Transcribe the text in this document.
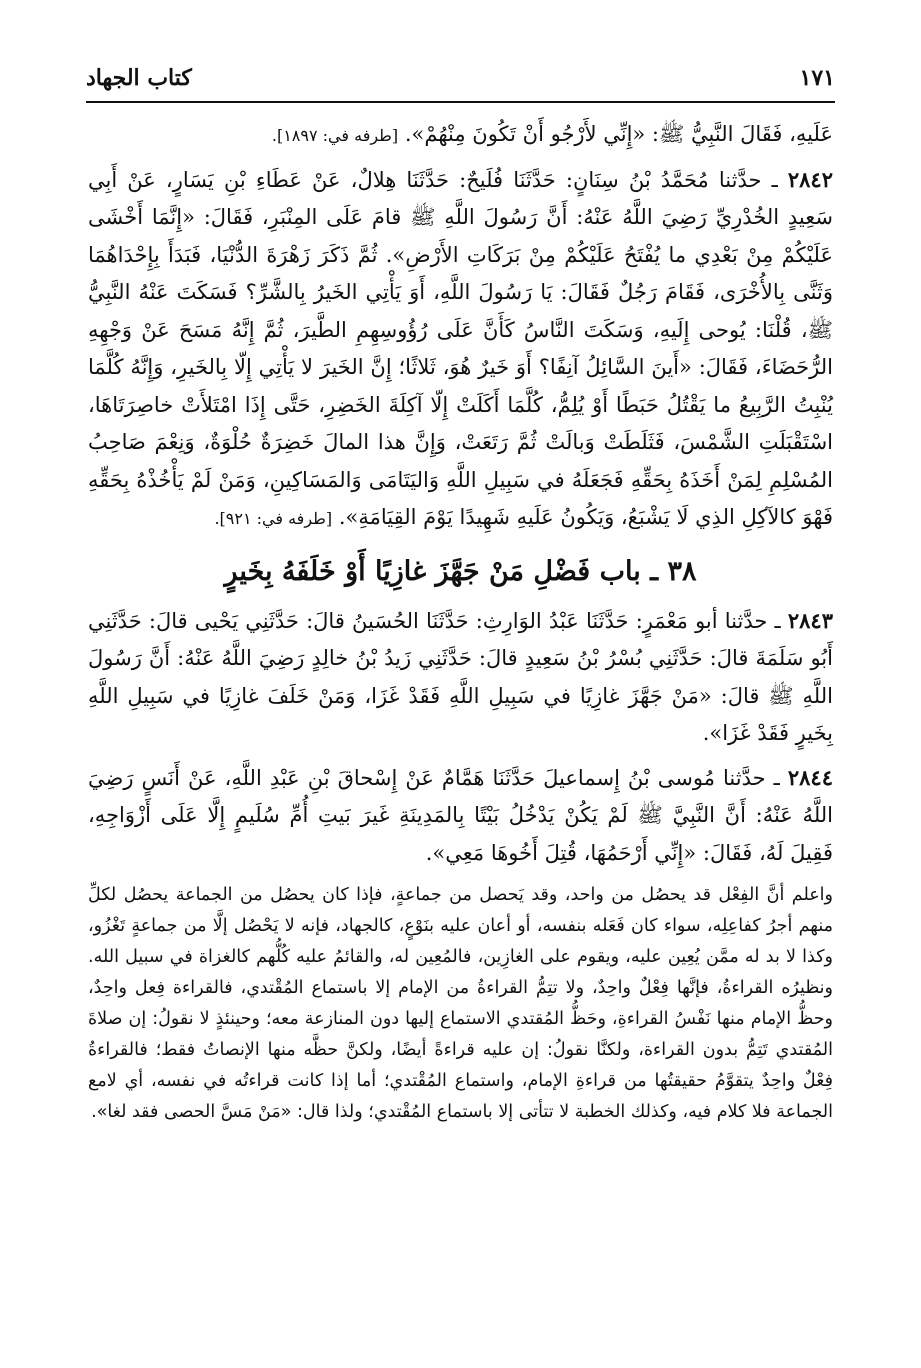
كتاب الجهاد	١٧١

عَلَيهِ، فَقَالَ النَّبِيُّ ﷺ: «إِنِّي لأَرْجُو أَنْ تَكُونَ مِنْهُمْ». [طرفه في: ١٨٩٧].

٢٨٤٢ ـ حدَّثنا مُحَمَّدُ بْنُ سِنَانٍ: حَدَّثَنَا فُلَيحٌ: حَدَّثَنَا هِلالٌ، عَنْ عَطَاءِ بْنِ يَسَارٍ، عَنْ أَبِي سَعِيدٍ الخُدْرِيِّ رَضِيَ اللَّهُ عَنْهُ: أَنَّ رَسُولَ اللَّهِ ﷺ قامَ عَلَى المِنْبَرِ، فَقَالَ: «إِنَّمَا أَخْشَى عَلَيْكُمْ مِنْ بَعْدِي ما يُفْتَحُ عَلَيْكُمْ مِنْ بَرَكَاتِ الأَرْضِ». ثُمَّ ذَكَرَ زَهْرَةَ الدُّنْيَا، فَبَدَأَ بِإِحْدَاهُمَا وَثَنَّى بِالأُخْرَى، فَقَامَ رَجُلٌ فَقَالَ: يَا رَسُولَ اللَّهِ، أَوَ يَأْتِي الخَيرُ بِالشَّرِّ؟ فَسَكَتَ عَنْهُ النَّبِيُّ ﷺ، قُلْنَا: يُوحى إِلَيهِ، وَسَكَتَ النَّاسُ كَأَنَّ عَلَى رُؤُوسِهِمِ الطَّيرَ، ثُمَّ إِنَّهُ مَسَحَ عَنْ وَجْهِهِ الرُّحَضَاءَ، فَقَالَ: «أَينَ السَّائِلُ آنِفًا؟ أَوَ خَيرٌ هُوَ، ثَلاثًا؛ إِنَّ الخَيرَ لا يَأْتِي إِلّا بِالخَيرِ، وَإِنَّهُ كُلَّمَا يُنْبِتُ الرَّبِيعُ ما يَقْتُلُ حَبَطًا أَوْ يُلِمُّ، كُلَّمَا أَكَلَتْ إِلّا آكِلَةَ الخَضِرِ، حَتَّى إِذَا امْتَلأَتْ خاصِرَتَاهَا، اسْتَقْبَلَتِ الشَّمْسَ، فَثَلَطَتْ وَبالَتْ ثُمَّ رَتَعَتْ، وَإِنَّ هذا المالَ خَضِرَةٌ حُلْوَةٌ، وَنِعْمَ صَاحِبُ المُسْلِمِ لِمَنْ أَخَذَهُ بِحَقِّهِ فَجَعَلَهُ في سَبِيلِ اللَّهِ وَاليَتَامَى وَالمَسَاكِينِ، وَمَنْ لَمْ يَأْخُذْهُ بِحَقِّهِ فَهْوَ كالآكِلِ الذِي لَا يَشْبَعُ، وَيَكُونُ عَلَيهِ شَهِيدًا يَوْمَ القِيَامَةِ». [طرفه في: ٩٢١].

٣٨ ـ باب فَضْلِ مَنْ جَهَّزَ غازِيًا أَوْ خَلَفَهُ بِخَيرٍ

٢٨٤٣ ـ حدَّثنا أبو مَعْمَرٍ: حَدَّثَنَا عَبْدُ الوَارِثِ: حَدَّثَنَا الحُسَينُ قالَ: حَدَّثَنِي يَحْيى قالَ: حَدَّثَنِي أَبُو سَلَمَةَ قالَ: حَدَّثَنِي بُسْرُ بْنُ سَعِيدٍ قالَ: حَدَّثَنِي زَيدُ بْنُ خالِدٍ رَضِيَ اللَّهُ عَنْهُ: أَنَّ رَسُولَ اللَّهِ ﷺ قالَ: «مَنْ جَهَّزَ غازِيًا في سَبِيلِ اللَّهِ فَقَدْ غَزَا، وَمَنْ خَلَفَ غازِيًا في سَبِيلِ اللَّهِ بِخَيرٍ فَقَدْ غَزَا».

٢٨٤٤ ـ حدَّثنا مُوسى بْنُ إِسماعيلَ حَدَّثَنَا هَمَّامٌ عَنْ إِسْحاقَ بْنِ عَبْدِ اللَّهِ، عَنْ أَنَسٍ رَضِيَ اللَّهُ عَنْهُ: أَنَّ النَّبِيَّ ﷺ لَمْ يَكُنْ يَدْخُلُ بَيْتًا بِالمَدِينَةِ غَيرَ بَيتِ أُمِّ سُلَيمٍ إِلَّا عَلَى أَزْوَاجِهِ، فَقِيلَ لَهُ، فَقَالَ: «إِنِّي أَرْحَمُهَا، قُتِلَ أَخُوهَا مَعِي».

واعلم أنَّ الفِعْل قد يحصُل من واحد، وقد يَحصل من جماعةٍ، فإذا كان يحصُل من الجماعة يحصُل لكلِّ منهم أجرُ كفاعِلِه، سواء كان فَعَله بنفسه، أو أعان عليه بنَوْعٍ، كالجهاد، فإنه لا يَحْصُل إلَّا من جماعةٍ تَغْزُو، وكذا لا بد له ممَّن يُعِين عليه، ويقوم على الغازِين، فالمُعِين له، والقائمُ عليه كُلُّهم كالغزاة في سبيل الله. ونظيرُه القراءةُ، فإنَّها فِعْلٌ واحِدٌ، ولا تتِمُّ القراءةُ من الإمام إلا باستماع المُقْتدي، فالقراءة فِعل واحِدٌ، وحظُّ الإمام منها نَفْسُ القراءةِ، وحَظُّ المُقتدي الاستماع إليها دون المنازعة معه؛ وحينئذٍ لا نقولُ: إن صلاةَ المُقتدي تَتِمُّ بدون القراءة، ولكنَّا نقولُ: إن عليه قراءةً أيضًا، ولكنَّ حظَّه منها الإنصاتُ فقط؛ فالقراءةُ فِعْلٌ واحِدٌ يتقوَّمُ حقيقتُها من قراءةِ الإمام، واستماع المُقْتدي؛ أما إذا كانت قراءتُه في نفسه، أي لامع الجماعة فلا كلام فيه، وكذلك الخطبة لا تتأتى إلا باستماع المُقْتدي؛ ولذا قال: «مَنْ مَسَّ الحصى فقد لغا».
